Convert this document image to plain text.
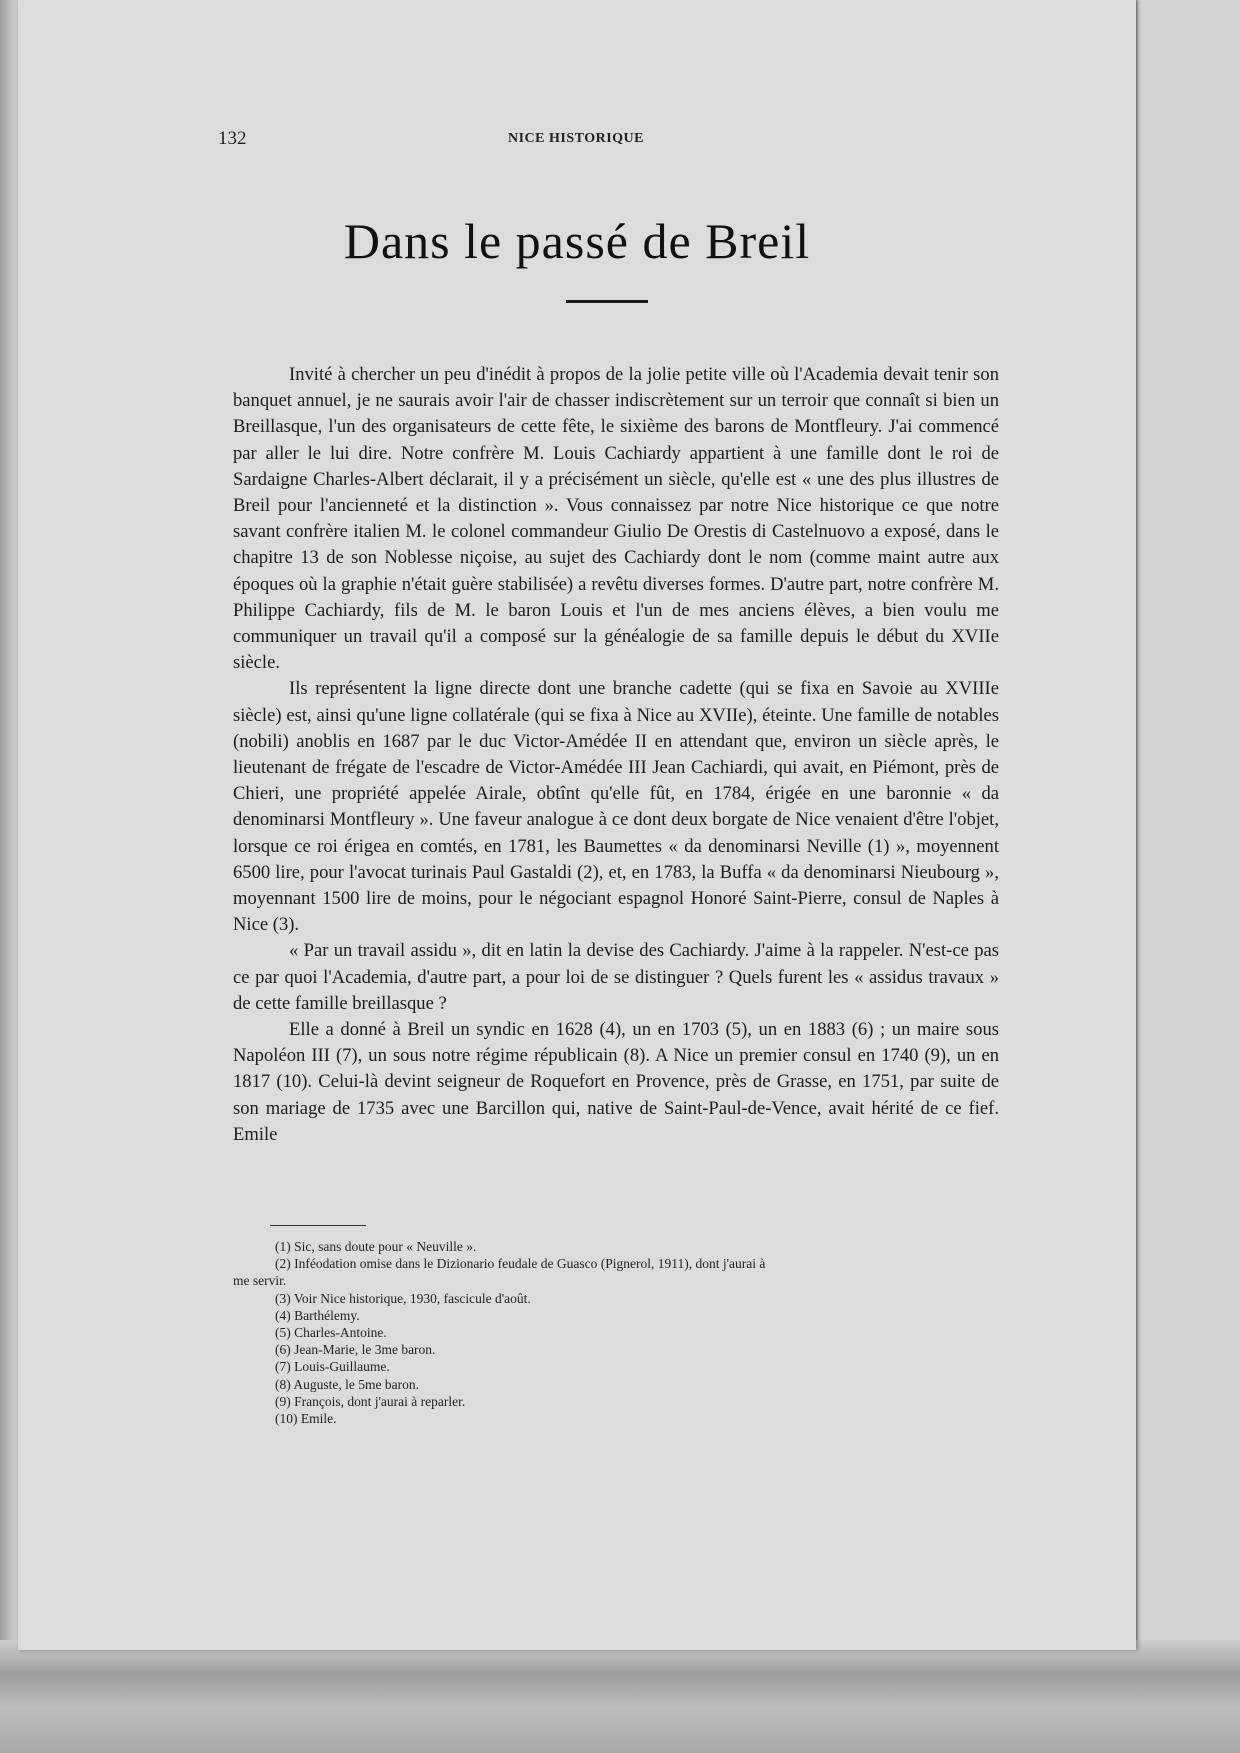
132	NICE HISTORIQUE
Dans le passé de Breil

Invité à chercher un peu d'inédit à propos de la jolie petite ville où l'Academia devait tenir son banquet annuel, je ne saurais avoir l'air de chasser indiscrètement sur un terroir que connaît si bien un Breillasque, l'un des organisateurs de cette fête, le sixième des barons de Montfleury. J'ai commencé par aller le lui dire. Notre confrère M. Louis Cachiardy appartient à une famille dont le roi de Sardaigne Charles-Albert déclarait, il y a précisément un siècle, qu'elle est « une des plus illustres de Breil pour l'ancienneté et la distinction ». Vous connaissez par notre Nice historique ce que notre savant confrère italien M. le colonel commandeur Giulio De Orestis di Castelnuovo a exposé, dans le chapitre 13 de son Noblesse niçoise, au sujet des Cachiardy dont le nom (comme maint autre aux époques où la graphie n'était guère stabilisée) a revêtu diverses formes. D'autre part, notre confrère M. Philippe Cachiardy, fils de M. le baron Louis et l'un de mes anciens élèves, a bien voulu me communiquer un travail qu'il a composé sur la généalogie de sa famille depuis le début du XVIIe siècle.

Ils représentent la ligne directe dont une branche cadette (qui se fixa en Savoie au XVIIIe siècle) est, ainsi qu'une ligne collatérale (qui se fixa à Nice au XVIIe), éteinte. Une famille de notables (nobili) anoblis en 1687 par le duc Victor-Amédée II en attendant que, environ un siècle après, le lieutenant de frégate de l'escadre de Victor-Amédée III Jean Cachiardi, qui avait, en Piémont, près de Chieri, une propriété appelée Airale, obtînt qu'elle fût, en 1784, érigée en une baronnie « da denominarsi Montfleury ». Une faveur analogue à ce dont deux borgate de Nice venaient d'être l'objet, lorsque ce roi érigea en comtés, en 1781, les Baumettes « da denominarsi Neville (1) », moyennent 6500 lire, pour l'avocat turinais Paul Gastaldi (2), et, en 1783, la Buffa « da denominarsi Nieubourg », moyennant 1500 lire de moins, pour le négociant espagnol Honoré Saint-Pierre, consul de Naples à Nice (3).

« Par un travail assidu », dit en latin la devise des Cachiardy. J'aime à la rappeler. N'est-ce pas ce par quoi l'Academia, d'autre part, a pour loi de se distinguer ? Quels furent les « assidus travaux » de cette famille breillasque ?

Elle a donné à Breil un syndic en 1628 (4), un en 1703 (5), un en 1883 (6) ; un maire sous Napoléon III (7), un sous notre régime républicain (8). A Nice un premier consul en 1740 (9), un en 1817 (10). Celui-là devint seigneur de Roquefort en Provence, près de Grasse, en 1751, par suite de son mariage de 1735 avec une Barcillon qui, native de Saint-Paul-de-Vence, avait hérité de ce fief. Emile

(1) Sic, sans doute pour « Neuville ».

(2) Inféodation omise dans le Dizionario feudale de Guasco (Pignerol, 1911), dont j'aurai à

me servir.

(3) Voir Nice historique, 1930, fascicule d'août.

(4) Barthélemy.

(5) Charles-Antoine.

(6) Jean-Marie, le 3me baron.

(7) Louis-Guillaume.

(8) Auguste, le 5me baron.

(9) François, dont j'aurai à reparler.

(10) Emile.
